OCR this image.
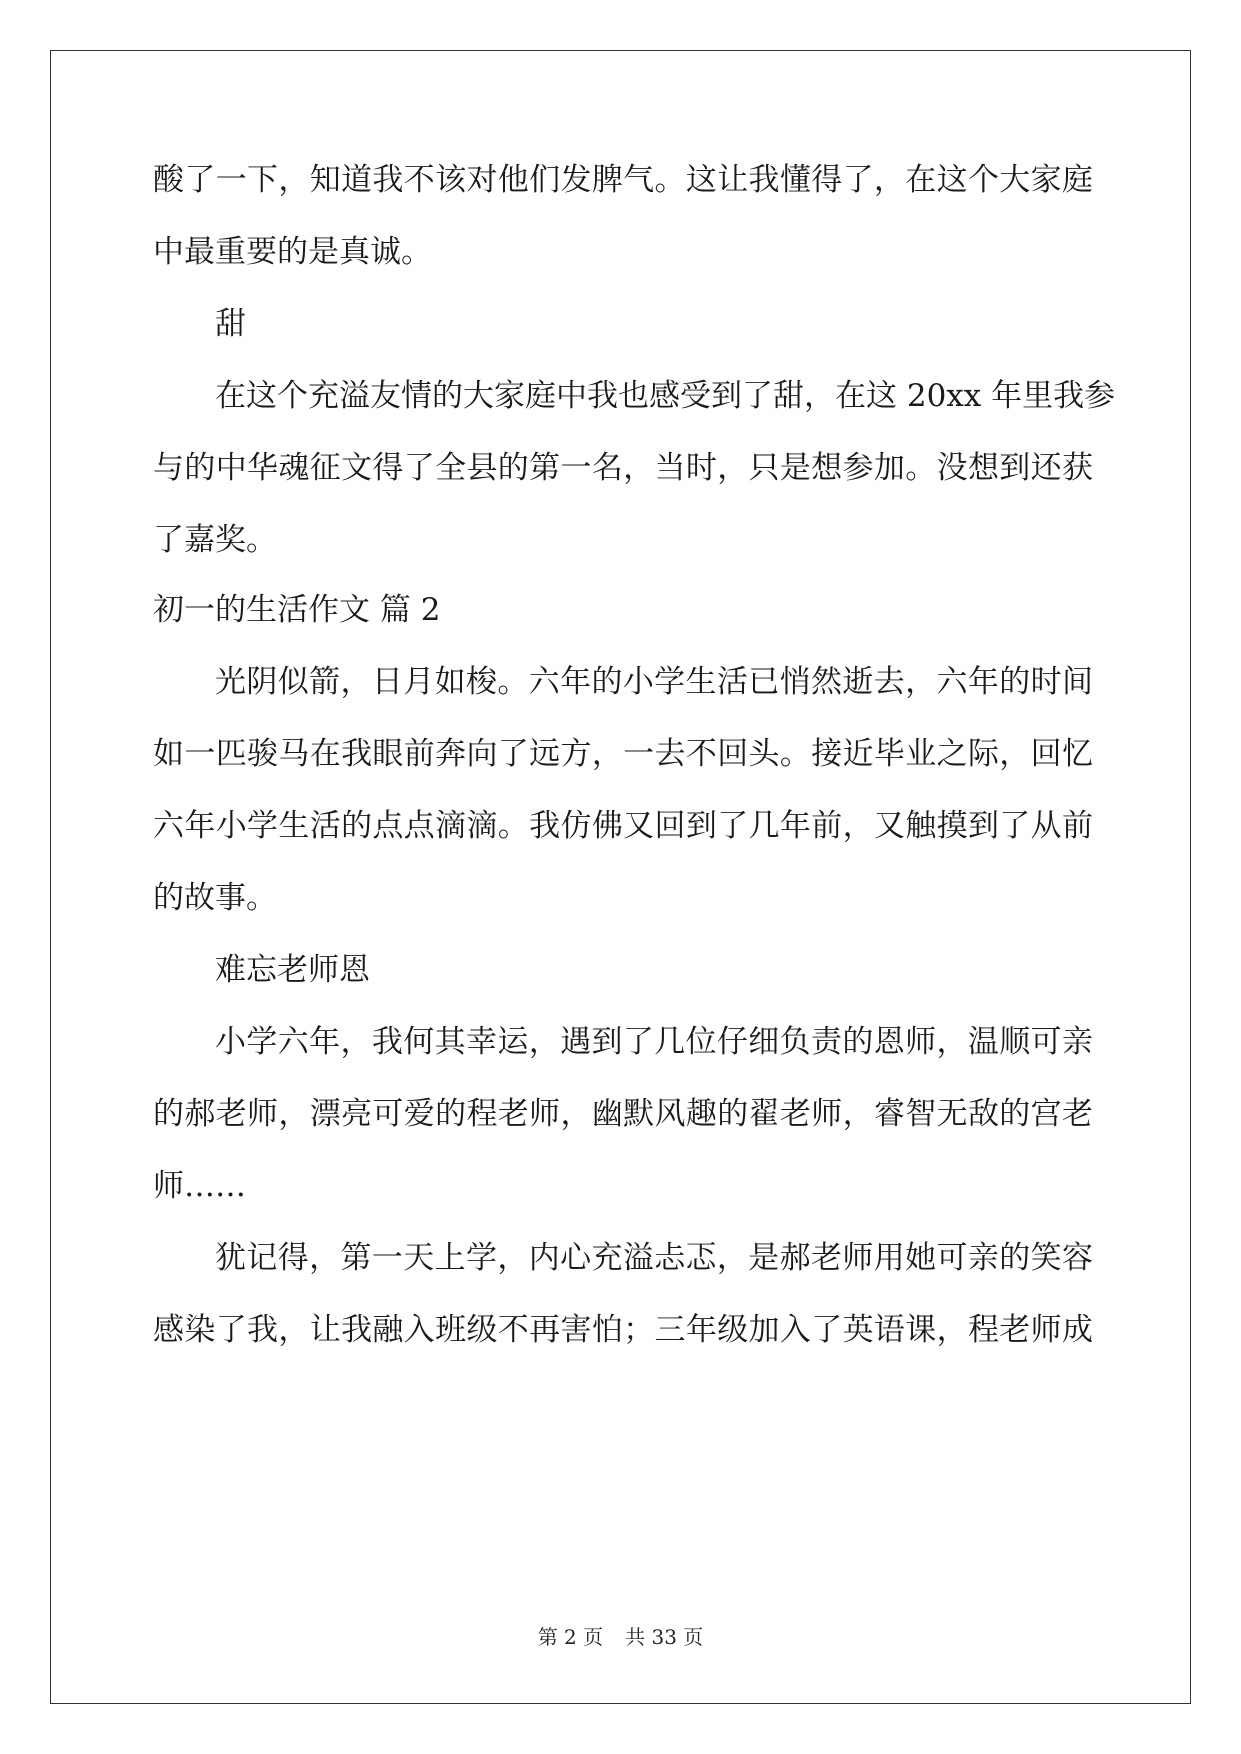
酸了一下，知道我不该对他们发脾气。这让我懂得了，在这个大家庭
中最重要的是真诚。
甜
在这个充溢友情的大家庭中我也感受到了甜，在这 20xx 年里我参
与的中华魂征文得了全县的第一名，当时，只是想参加。没想到还获
了嘉奖。
初一的生活作文 篇 2
光阴似箭，日月如梭。六年的小学生活已悄然逝去，六年的时间
如一匹骏马在我眼前奔向了远方，一去不回头。接近毕业之际，回忆
六年小学生活的点点滴滴。我仿佛又回到了几年前，又触摸到了从前
的故事。
难忘老师恩
小学六年，我何其幸运，遇到了几位仔细负责的恩师，温顺可亲
的郝老师，漂亮可爱的程老师，幽默风趣的翟老师，睿智无敌的宫老
师……
犹记得，第一天上学，内心充溢忐忑，是郝老师用她可亲的笑容
感染了我，让我融入班级不再害怕；三年级加入了英语课，程老师成
第 2 页 共 33 页
